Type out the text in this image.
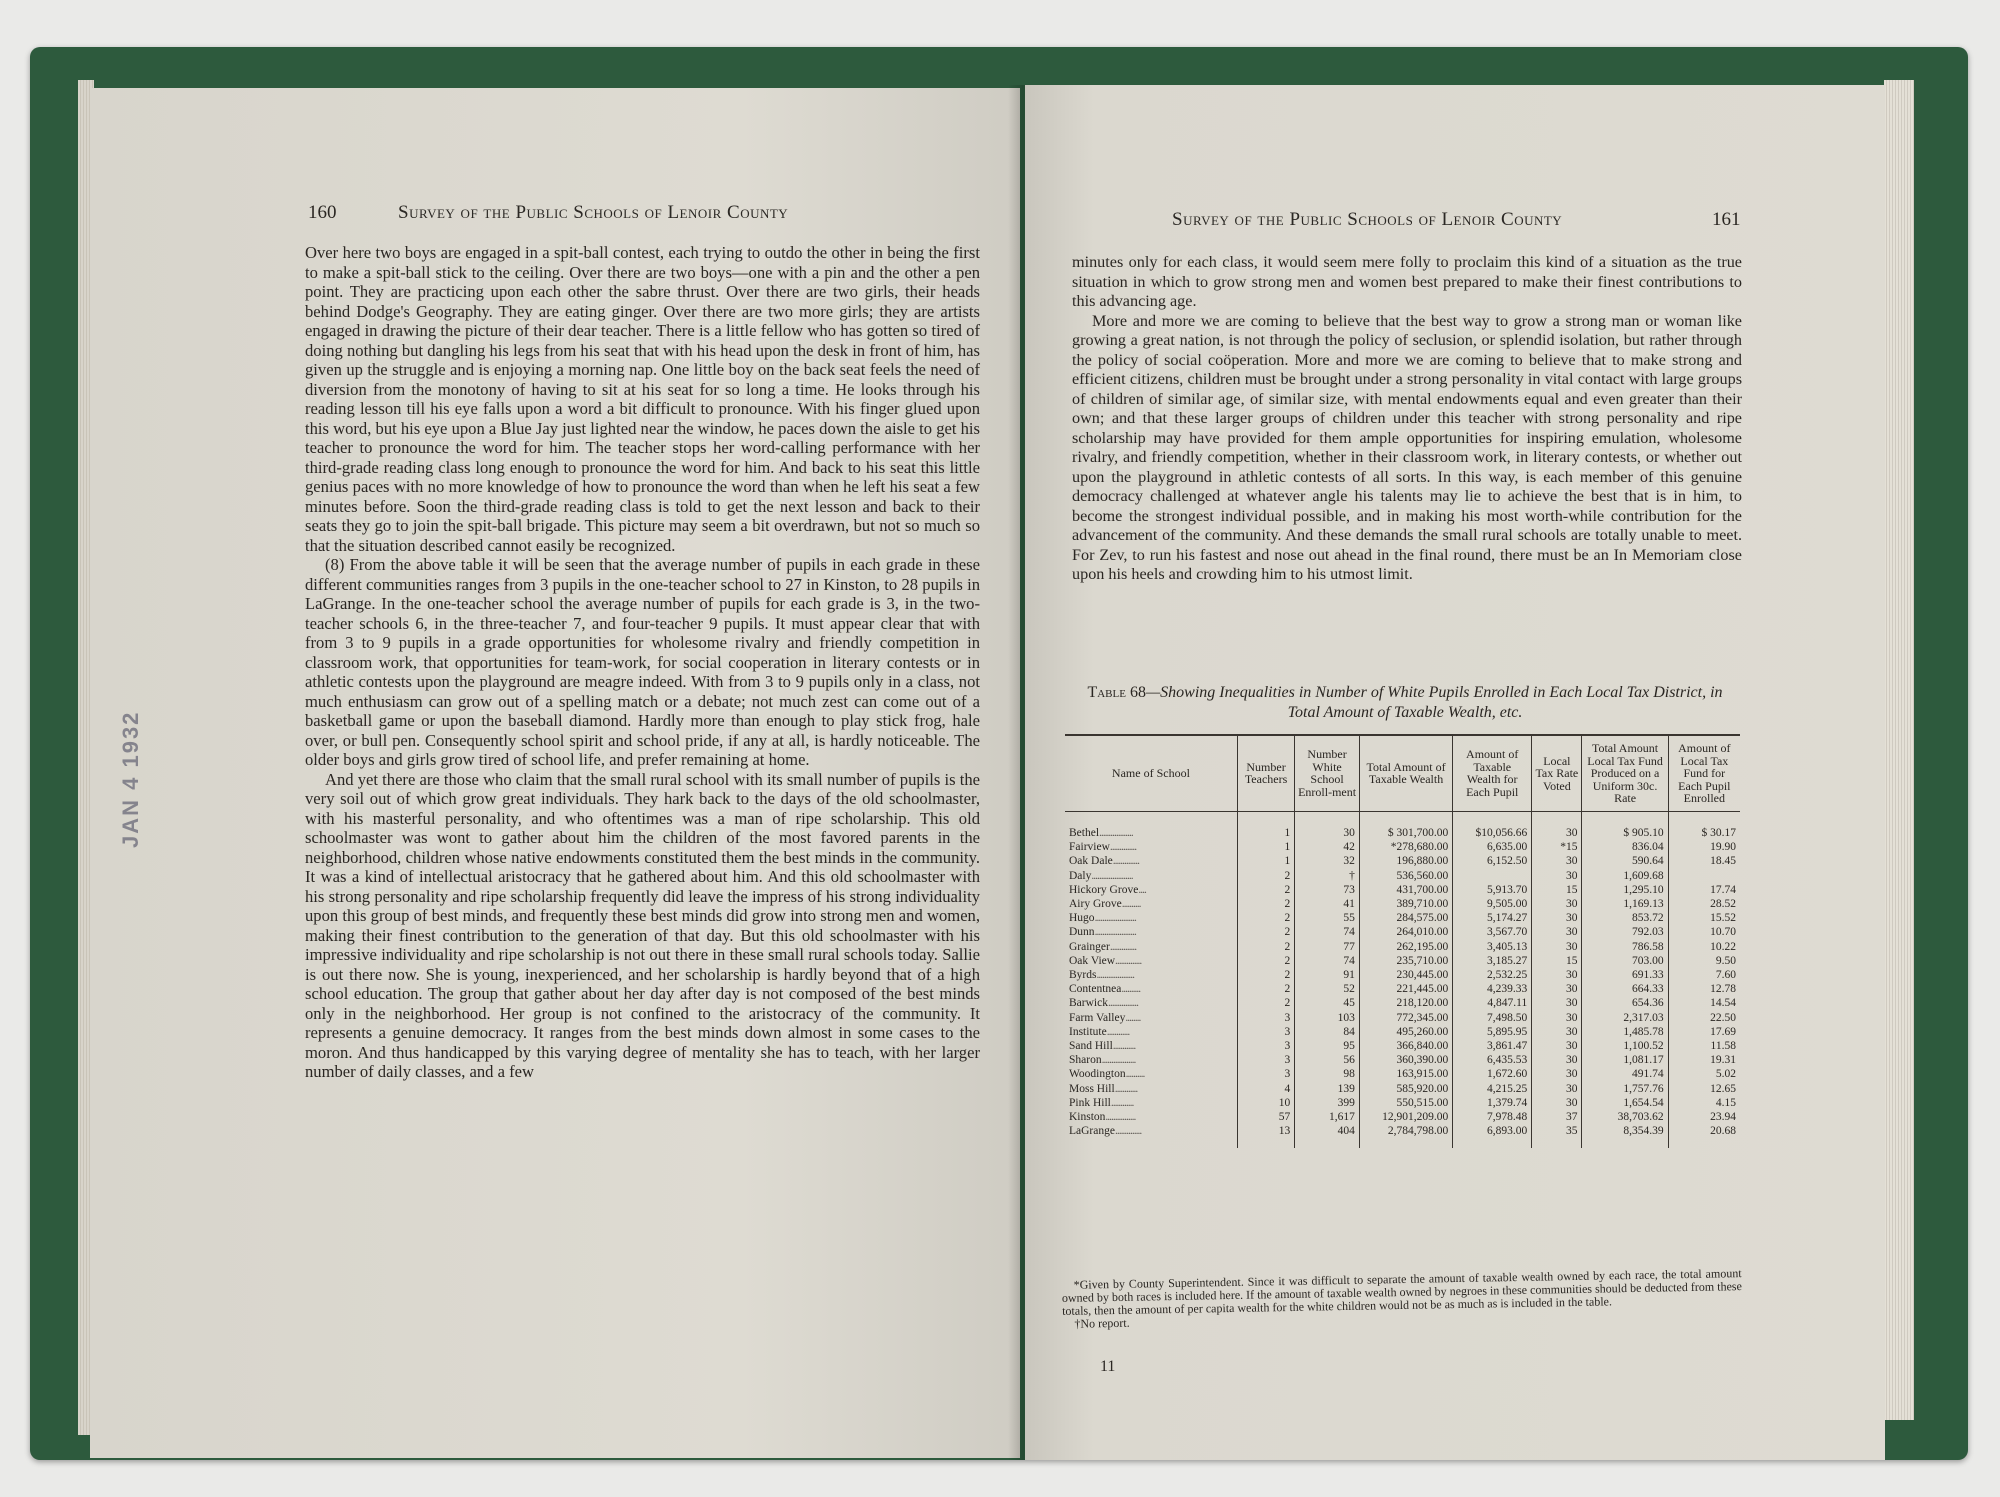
160	Survey of the Public Schools of Lenoir County
JAN 4 1932

Over here two boys are engaged in a spit-ball contest, each trying to outdo the other in being the first to make a spit-ball stick to the ceiling. Over there are two boys—one with a pin and the other a pen point. They are practicing upon each other the sabre thrust. Over there are two girls, their heads behind Dodge's Geography. They are eating ginger. Over there are two more girls; they are artists engaged in drawing the picture of their dear teacher. There is a little fellow who has gotten so tired of doing nothing but dangling his legs from his seat that with his head upon the desk in front of him, has given up the struggle and is enjoying a morning nap. One little boy on the back seat feels the need of diversion from the monotony of having to sit at his seat for so long a time. He looks through his reading lesson till his eye falls upon a word a bit difficult to pronounce. With his finger glued upon this word, but his eye upon a Blue Jay just lighted near the window, he paces down the aisle to get his teacher to pronounce the word for him. The teacher stops her word-calling performance with her third-grade reading class long enough to pronounce the word for him. And back to his seat this little genius paces with no more knowledge of how to pronounce the word than when he left his seat a few minutes before. Soon the third-grade reading class is told to get the next lesson and back to their seats they go to join the spit-ball brigade. This picture may seem a bit overdrawn, but not so much so that the situation described cannot easily be recognized.

(8) From the above table it will be seen that the average number of pupils in each grade in these different communities ranges from 3 pupils in the one-teacher school to 27 in Kinston, to 28 pupils in LaGrange. In the one-teacher school the average number of pupils for each grade is 3, in the two-teacher schools 6, in the three-teacher 7, and four-teacher 9 pupils. It must appear clear that with from 3 to 9 pupils in a grade opportunities for wholesome rivalry and friendly competition in classroom work, that opportunities for team-work, for social cooperation in literary contests or in athletic contests upon the playground are meagre indeed. With from 3 to 9 pupils only in a class, not much enthusiasm can grow out of a spelling match or a debate; not much zest can come out of a basketball game or upon the baseball diamond. Hardly more than enough to play stick frog, hale over, or bull pen. Consequently school spirit and school pride, if any at all, is hardly noticeable. The older boys and girls grow tired of school life, and prefer remaining at home.

And yet there are those who claim that the small rural school with its small number of pupils is the very soil out of which grow great individuals. They hark back to the days of the old schoolmaster, with his masterful personality, and who oftentimes was a man of ripe scholarship. This old schoolmaster was wont to gather about him the children of the most favored parents in the neighborhood, children whose native endowments constituted them the best minds in the community. It was a kind of intellectual aristocracy that he gathered about him. And this old schoolmaster with his strong personality and ripe scholarship frequently did leave the impress of his strong individuality upon this group of best minds, and frequently these best minds did grow into strong men and women, making their finest contribution to the generation of that day. But this old schoolmaster with his impressive individuality and ripe scholarship is not out there in these small rural schools today. Sallie is out there now. She is young, inexperienced, and her scholarship is hardly beyond that of a high school education. The group that gather about her day after day is not composed of the best minds only in the neighborhood. Her group is not confined to the aristocracy of the community. It represents a genuine democracy. It ranges from the best minds down almost in some cases to the moron. And thus handicapped by this varying degree of mentality she has to teach, with her larger number of daily classes, and a few

Survey of the Public Schools of Lenoir County	161

minutes only for each class, it would seem mere folly to proclaim this kind of a situation as the true situation in which to grow strong men and women best prepared to make their finest contributions to this advancing age.

More and more we are coming to believe that the best way to grow a strong man or woman like growing a great nation, is not through the policy of seclusion, or splendid isolation, but rather through the policy of social coöperation. More and more we are coming to believe that to make strong and efficient citizens, children must be brought under a strong personality in vital contact with large groups of children of similar age, of similar size, with mental endowments equal and even greater than their own; and that these larger groups of children under this teacher with strong personality and ripe scholarship may have provided for them ample opportunities for inspiring emulation, wholesome rivalry, and friendly competition, whether in their classroom work, in literary contests, or whether out upon the playground in athletic contests of all sorts. In this way, is each member of this genuine democracy challenged at whatever angle his talents may lie to achieve the best that is in him, to become the strongest individual possible, and in making his most worth-while contribution for the advancement of the community. And these demands the small rural schools are totally unable to meet. For Zev, to run his fastest and nose out ahead in the final round, there must be an In Memoriam close upon his heels and crowding him to his utmost limit.

Table 68—Showing Inequalities in Number of White Pupils Enrolled in Each Local Tax District, in Total Amount of Taxable Wealth, etc.
Name of School	Number Teachers	Number White School Enroll-ment	Total Amount of Taxable Wealth	Amount of Taxable Wealth for Each Pupil	Local Tax Rate Voted	Total Amount Local Tax Fund Produced on a Uniform 30c. Rate	Amount of Local Tax Fund for Each Pupil Enrolled
Bethel..................	1	30	$ 301,700.00	$10,056.66	30	$ 905.10	$ 30.17
Fairview..............	1	42	*278,680.00	6,635.00	*15	836.04	19.90
Oak Dale..............	1	32	196,880.00	6,152.50	30	590.64	18.45
Daly......................	2	†	536,560.00		30	1,609.68	
Hickory Grove....	2	73	431,700.00	5,913.70	15	1,295.10	17.74
Airy Grove..........	2	41	389,710.00	9,505.00	30	1,169.13	28.52
Hugo......................	2	55	284,575.00	5,174.27	30	853.72	15.52
Dunn......................	2	74	264,010.00	3,567.70	30	792.03	10.70
Grainger..............	2	77	262,195.00	3,405.13	30	786.58	10.22
Oak View..............	2	74	235,710.00	3,185.27	15	703.00	9.50
Byrds....................	2	91	230,445.00	2,532.25	30	691.33	7.60
Contentnea..........	2	52	221,445.00	4,239.33	30	664.33	12.78
Barwick................	2	45	218,120.00	4,847.11	30	654.36	14.54
Farm Valley........	3	103	772,345.00	7,498.50	30	2,317.03	22.50
Institute............	3	84	495,260.00	5,895.95	30	1,485.78	17.69
Sand Hill............	3	95	366,840.00	3,861.47	30	1,100.52	11.58
Sharon..................	3	56	360,390.00	6,435.53	30	1,081.17	19.31
Woodington..........	3	98	163,915.00	1,672.60	30	491.74	5.02
Moss Hill............	4	139	585,920.00	4,215.25	30	1,757.76	12.65
Pink Hill............	10	399	550,515.00	1,379.74	30	1,654.54	4.15
Kinston................	57	1,617	12,901,209.00	7,978.48	37	38,703.62	23.94
LaGrange..............	13	404	2,784,798.00	6,893.00	35	8,354.39	20.68

*Given by County Superintendent. Since it was difficult to separate the amount of taxable wealth owned by each race, the total amount owned by both races is included here. If the amount of taxable wealth owned by negroes in these communities should be deducted from these totals, then the amount of per capita wealth for the white children would not be as much as is included in the table.

†No report.

11
